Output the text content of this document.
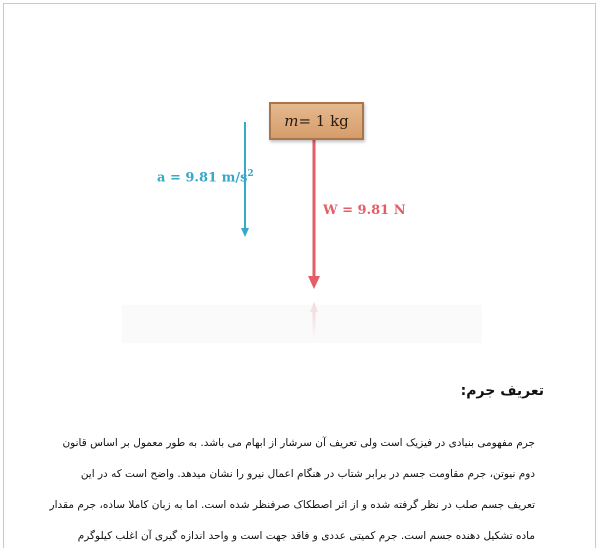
m = 1 kg
a = 9.81 $m/s^2$
W = 9.81 N
تعریف جرم:
جرم مفهومی بنیادی در فیزیک است ولی تعریف آن سرشار از ابهام می باشد. به طور معمول بر اساس قانون
دوم نیوتن، جرم مقاومت جسم در برابر شتاب در هنگام اعمال نیرو را نشان میدهد. واضح است که در این
تعریف جسم صلب در نظر گرفته شده و از اثر اصطکاک صرفنظر شده است. اما به زبان کاملا ساده، جرم مقدار
ماده تشکیل دهنده جسم است. جرم کمیتی عددی و فاقد جهت است و واحد اندازه گیری آن اغلب کیلوگرم
